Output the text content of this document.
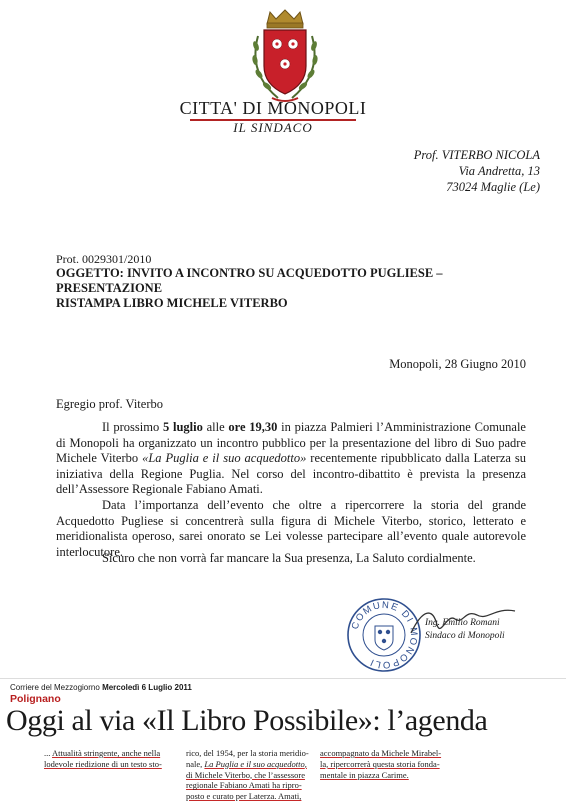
CITTA' DI MONOPOLI
IL SINDACO
Prof. VITERBO NICOLA
Via Andretta, 13
73024 Maglie (Le)
Prot. 0029301/2010
OGGETTO: INVITO A INCONTRO SU ACQUEDOTTO PUGLIESE – PRESENTAZIONE
RISTAMPA LIBRO MICHELE VITERBO
Monopoli, 28 Giugno 2010
Egregio prof. Viterbo
Il prossimo 5 luglio alle ore 19,30 in piazza Palmieri l’Amministrazione Comunale di Monopoli ha organizzato un incontro pubblico per la presentazione del libro di Suo padre Michele Viterbo «La Puglia e il suo acquedotto» recentemente ripubblicato dalla Laterza su iniziativa della Regione Puglia. Nel corso del incontro-dibattito è prevista la presenza dell’Assessore Regionale Fabiano Amati.
Data l’importanza dell’evento che oltre a ripercorrere la storia del grande Acquedotto Pugliese si concentrerà sulla figura di Michele Viterbo, storico, letterato e meridionalista operoso, sarei onorato se Lei volesse partecipare all’evento quale autorevole interlocutore.
Sicuro che non vorrà far mancare la Sua presenza, La Saluto cordialmente.
COMUNE DI MONOPOLI
Ing. Emilio Romani
Sindaco di Monopoli
Corriere del Mezzogiorno Mercoledì 6 Luglio 2011
Polignano
Oggi al via «Il Libro Possibile»: l’agenda
... Attualità stringente, anche nella lodevole riedizione di un testo sto-
rico, del 1954, per la storia meridio-nale, La Puglia e il suo acquedotto, di Michele Viterbo, che l’assessore regionale Fabiano Amati ha ripro-posto e curato per Laterza. Amati,
accompagnato da Michele Mirabel-la, ripercorrerà questa storia fonda-mentale in piazza Carime.
